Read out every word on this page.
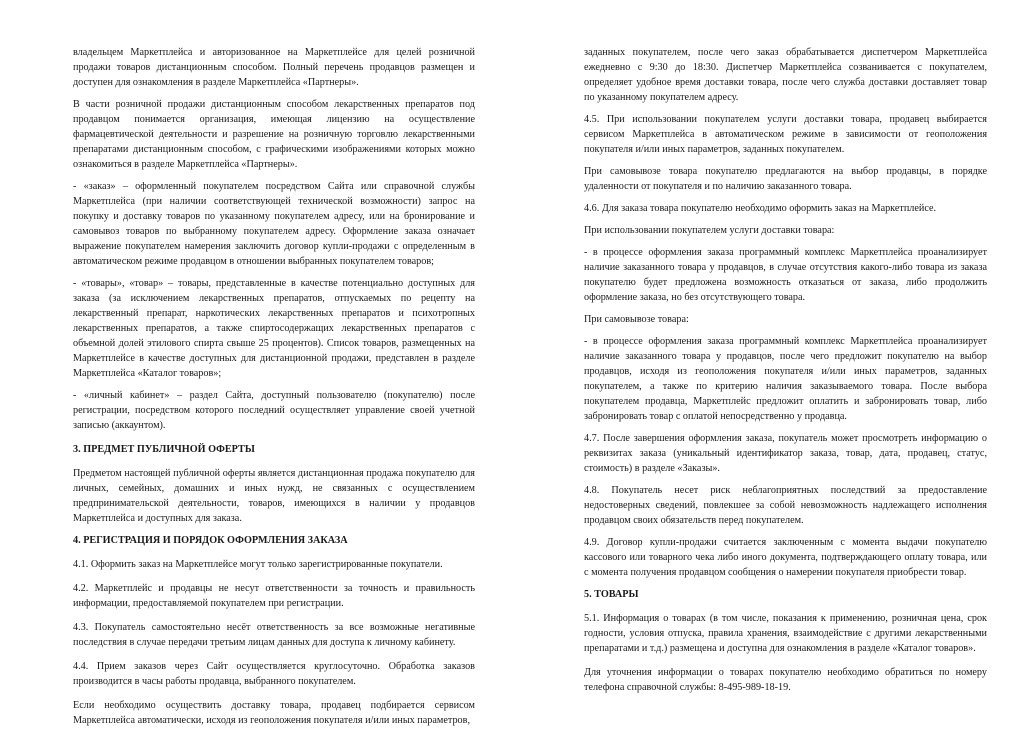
владельцем Маркетплейса и авторизованное на Маркетплейсе для целей розничной продажи товаров дистанционным способом. Полный перечень продавцов размещен и доступен для ознакомления в разделе Маркетплейса «Партнеры».

В части розничной продажи дистанционным способом лекарственных препаратов под продавцом понимается организация, имеющая лицензию на осуществление фармацевтической деятельности и разрешение на розничную торговлю лекарственными препаратами дистанционным способом, с графическими изображениями которых можно ознакомиться в разделе Маркетплейса «Партнеры».

- «заказ» – оформленный покупателем посредством Сайта или справочной службы Маркетплейса (при наличии соответствующей технической возможности) запрос на покупку и доставку товаров по указанному покупателем адресу, или на бронирование и самовывоз товаров по выбранному покупателем адресу. Оформление заказа означает выражение покупателем намерения заключить договор купли-продажи с определенным в автоматическом режиме продавцом в отношении выбранных покупателем товаров;

- «товары», «товар» – товары, представленные в качестве потенциально доступных для заказа (за исключением лекарственных препаратов, отпускаемых по рецепту на лекарственный препарат, наркотических лекарственных препаратов и психотропных лекарственных препаратов, а также спиртосодержащих лекарственных препаратов с объемной долей этилового спирта свыше 25 процентов). Список товаров, размещенных на Маркетплейсе в качестве доступных для дистанционной продажи, представлен в разделе Маркетплейса «Каталог товаров»;

- «личный кабинет» – раздел Сайта, доступный пользователю (покупателю) после регистрации, посредством которого последний осуществляет управление своей учетной записью (аккаунтом).

3. ПРЕДМЕТ ПУБЛИЧНОЙ ОФЕРТЫ

Предметом настоящей публичной оферты является дистанционная продажа покупателю для личных, семейных, домашних и иных нужд, не связанных с осуществлением предпринимательской деятельности, товаров, имеющихся в наличии у продавцов Маркетплейса и доступных для заказа.

4. РЕГИСТРАЦИЯ И ПОРЯДОК ОФОРМЛЕНИЯ ЗАКАЗА

4.1. Оформить заказ на Маркетплейсе могут только зарегистрированные покупатели.

4.2. Маркетплейс и продавцы не несут ответственности за точность и правильность информации, предоставляемой покупателем при регистрации.

4.3. Покупатель самостоятельно несёт ответственность за все возможные негативные последствия в случае передачи третьим лицам данных для доступа к личному кабинету.

4.4. Прием заказов через Сайт осуществляется круглосуточно. Обработка заказов производится в часы работы продавца, выбранного покупателем.

Если необходимо осуществить доставку товара, продавец подбирается сервисом Маркетплейса автоматически, исходя из геоположения покупателя и/или иных параметров,

заданных покупателем, после чего заказ обрабатывается диспетчером Маркетплейса ежедневно с 9:30 до 18:30. Диспетчер Маркетплейса созванивается с покупателем, определяет удобное время доставки товара, после чего служба доставки доставляет товар по указанному покупателем адресу.

4.5. При использовании покупателем услуги доставки товара, продавец выбирается сервисом Маркетплейса в автоматическом режиме в зависимости от геоположения покупателя и/или иных параметров, заданных покупателем.

При самовывозе товара покупателю предлагаются на выбор продавцы, в порядке удаленности от покупателя и по наличию заказанного товара.

4.6. Для заказа товара покупателю необходимо оформить заказ на Маркетплейсе.

При использовании покупателем услуги доставки товара:

- в процессе оформления заказа программный комплекс Маркетплейса проанализирует наличие заказанного товара у продавцов, в случае отсутствия какого-либо товара из заказа покупателю будет предложена возможность отказаться от заказа, либо продолжить оформление заказа, но без отсутствующего товара.

При самовывозе товара:

- в процессе оформления заказа программный комплекс Маркетплейса проанализирует наличие заказанного товара у продавцов, после чего предложит покупателю на выбор продавцов, исходя из геоположения покупателя и/или иных параметров, заданных покупателем, а также по критерию наличия заказываемого товара. После выбора покупателем продавца, Маркетплейс предложит оплатить и забронировать товар, либо забронировать товар с оплатой непосредственно у продавца.

4.7. После завершения оформления заказа, покупатель может просмотреть информацию о реквизитах заказа (уникальный идентификатор заказа, товар, дата, продавец, статус, стоимость) в разделе «Заказы».

4.8. Покупатель несет риск неблагоприятных последствий за предоставление недостоверных сведений, повлекшее за собой невозможность надлежащего исполнения продавцом своих обязательств перед покупателем.

4.9. Договор купли-продажи считается заключенным с момента выдачи покупателю кассового или товарного чека либо иного документа, подтверждающего оплату товара, или с момента получения продавцом сообщения о намерении покупателя приобрести товар.

5. ТОВАРЫ

5.1. Информация о товарах (в том числе, показания к применению, розничная цена, срок годности, условия отпуска, правила хранения, взаимодействие с другими лекарственными препаратами и т.д.) размещена и доступна для ознакомления в разделе «Каталог товаров».

Для уточнения информации о товарах покупателю необходимо обратиться по номеру телефона справочной службы: 8-495-989-18-19.
